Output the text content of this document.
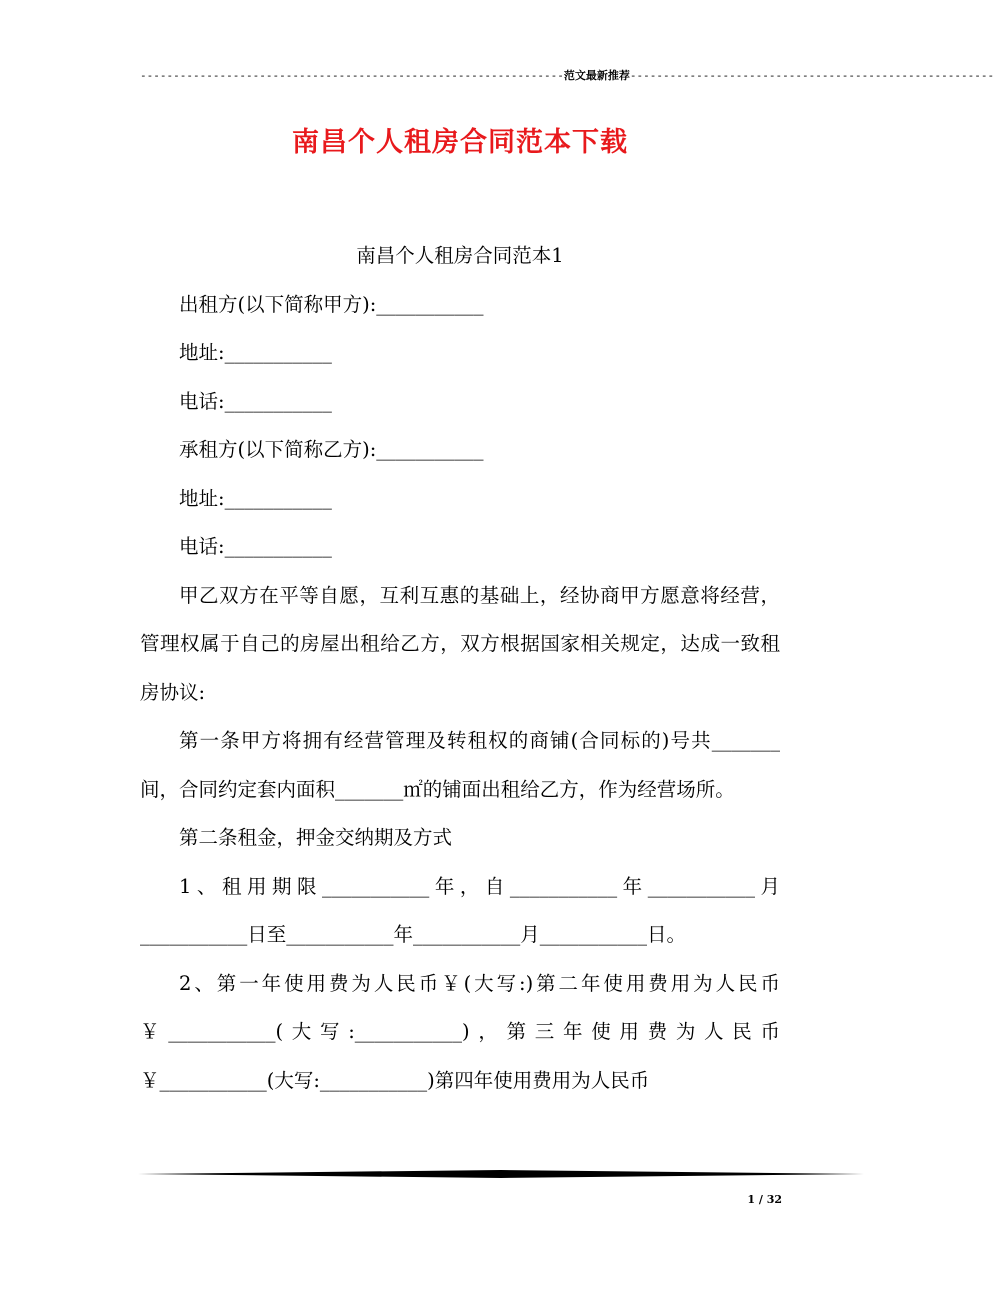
----------------------------------------------------------------范文最新推荐-------------------------------------------------------
南昌个人租房合同范本下载

南昌个人租房合同范本1

出租方(以下简称甲方):___________

地址:___________

电话:___________

承租方(以下简称乙方):___________

地址:___________

电话:___________

甲乙双方在平等自愿，互利互惠的基础上，经协商甲方愿意将经营，管理权属于自己的房屋出租给乙方，双方根据国家相关规定，达成一致租房协议:

第一条甲方将拥有经营管理及转租权的商铺(合同标的)号共_______间，合同约定套内面积_______㎡的铺面出租给乙方，作为经营场所。

第二条租金，押金交纳期及方式

1、租用期限___________年，自___________年___________月___________日至___________年___________月___________日。

2、第一年使用费为人民币￥(大写:)第二年使用费用为人民币￥___________(大写:___________)，第三年使用费为人民币￥___________(大写:___________)第四年使用费用为人民币

1 / 32
